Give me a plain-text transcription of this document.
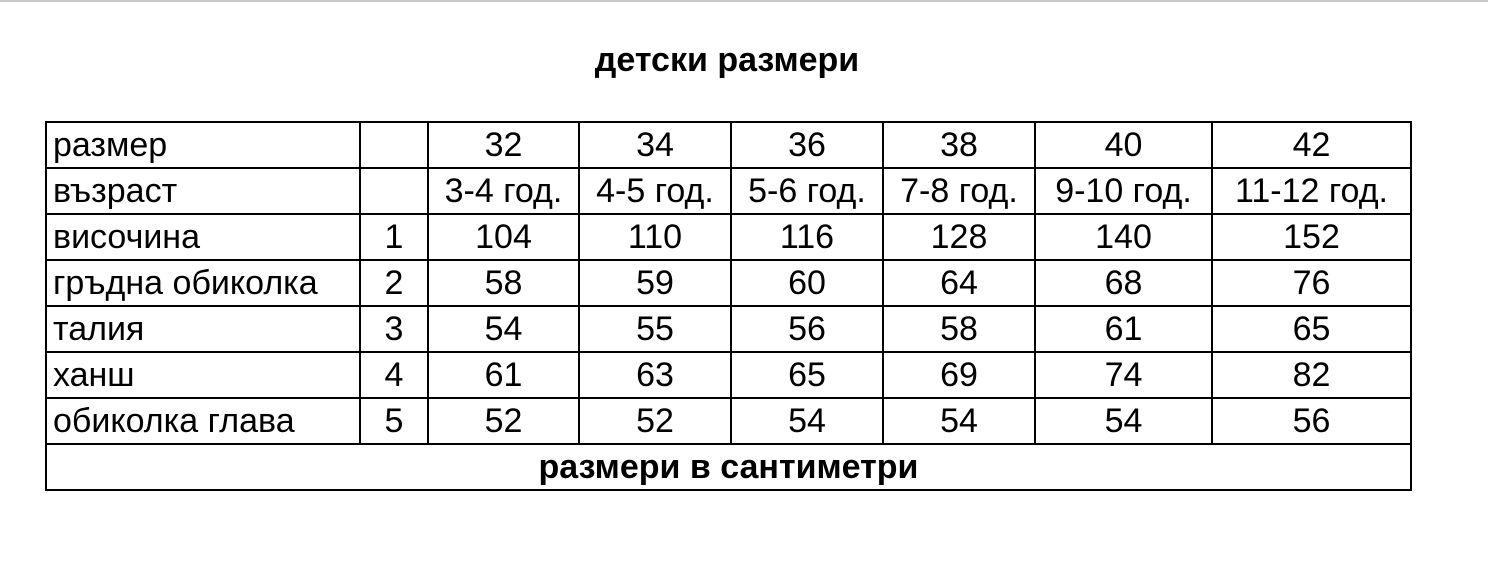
детски размери
размер		32	34	36	38	40	42
възраст		3-4 год.	4-5 год.	5-6 год.	7-8 год.	9-10 год.	11-12 год.
височина	1	104	110	116	128	140	152
гръдна обиколка	2	58	59	60	64	68	76
талия	3	54	55	56	58	61	65
ханш	4	61	63	65	69	74	82
обиколка глава	5	52	52	54	54	54	56
размери в сантиметри							
